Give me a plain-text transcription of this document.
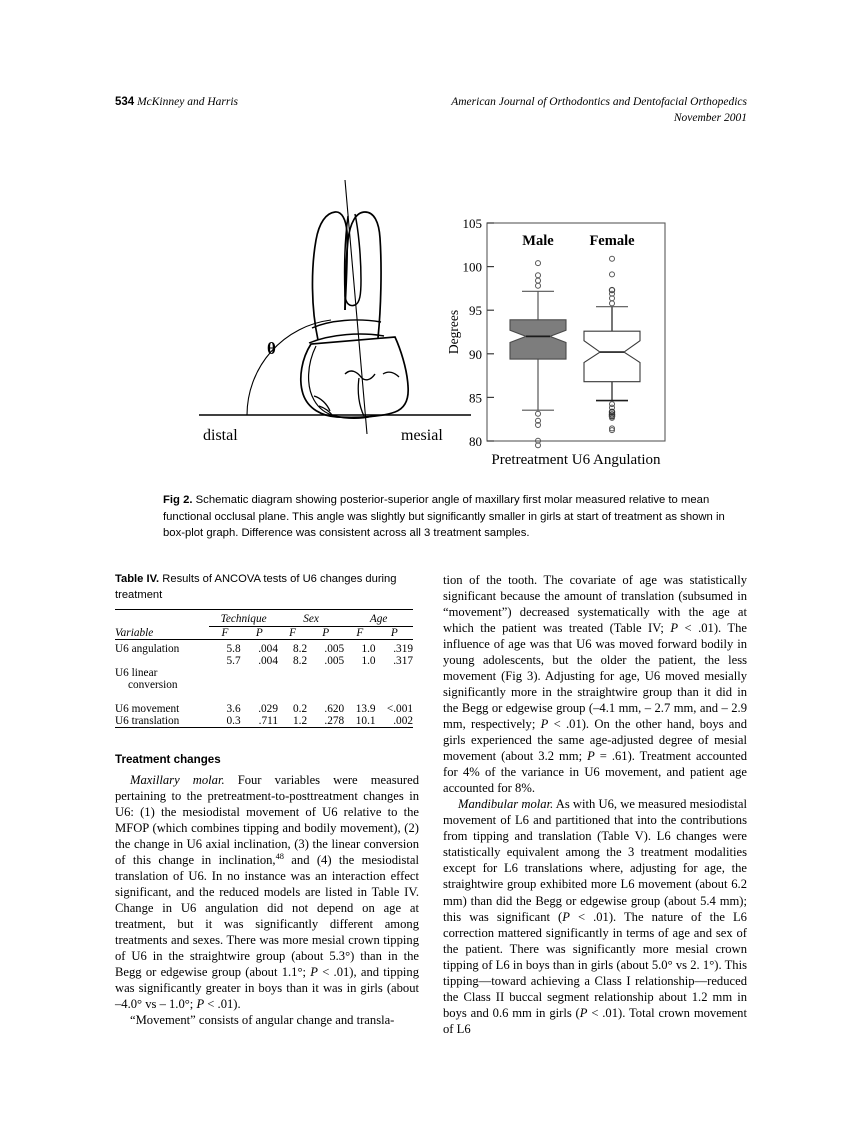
534 McKinney and Harris	American Journal of Orthodontics and Dentofacial Orthopedics
November 2001
θ
distal	mesial
105
100
95
90
85
80
Degrees
Male Female
Pretreatment U6 Angulation
Fig 2. Schematic diagram showing posterior-superior angle of maxillary first molar measured relative to mean functional occlusal plane. This angle was slightly but significantly smaller in girls at start of treatment as shown in box-plot graph. Difference was consistent across all 3 treatment samples.
Table IV. Results of ANCOVA tests of U6 changes during treatment

	Technique		Sex		Age	

Variable	F	P	F	P	F	P

U6 angulation	5.8	.004	8.2	.005	1.0	.319

U6 linear

conversion	5.7	.004	8.2	.005	1.0	.317
U6 movement	3.6	.029	0.2	.620	13.9	<.001
U6 translation	0.3	.711	1.2	.278	10.1	.002

Treatment changes

Maxillary molar. Four variables were measured pertaining to the pretreatment-to-posttreatment changes in U6: (1) the mesiodistal movement of U6 relative to the MFOP (which combines tipping and bodily movement), (2) the change in U6 axial inclination, (3) the linear conversion of this change in inclination,$^{48}$ and (4) the mesiodistal translation of U6. In no instance was an interaction effect significant, and the reduced models are listed in Table IV. Change in U6 angulation did not depend on age at treatment, but it was significantly different among treatments and sexes. There was more mesial crown tipping of U6 in the straightwire group (about 5.3°) than in the Begg or edgewise group (about 1.1°; P < .01), and tipping was significantly greater in boys than it was in girls (about –4.0° vs – 1.0°; P < .01).

“Movement” consists of angular change and transla-

tion of the tooth. The covariate of age was statistically significant because the amount of translation (subsumed in “movement”) decreased systematically with the age at which the patient was treated (Table IV; P < .01). The influence of age was that U6 was moved forward bodily in young adolescents, but the older the patient, the less movement (Fig 3). Adjusting for age, U6 moved mesially significantly more in the straightwire group than it did in the Begg or edgewise group (–4.1 mm, – 2.7 mm, and – 2.9 mm, respectively; P < .01). On the other hand, boys and girls experienced the same age-adjusted degree of mesial movement (about 3.2 mm; P = .61). Treatment accounted for 4% of the variance in U6 movement, and patient age accounted for 8%.

Mandibular molar. As with U6, we measured mesiodistal movement of L6 and partitioned that into the contributions from tipping and translation (Table V). L6 changes were statistically equivalent among the 3 treatment modalities except for L6 translations where, adjusting for age, the straightwire group exhibited more L6 movement (about 6.2 mm) than did the Begg or edgewise group (about 5.4 mm); this was significant (P < .01). The nature of the L6 correction mattered significantly in terms of age and sex of the patient. There was significantly more mesial crown tipping of L6 in boys than in girls (about 5.0° vs 2. 1°). This tipping—toward achieving a Class I relationship—reduced the Class II buccal segment relationship about 1.2 mm in boys and 0.6 mm in girls (P < .01). Total crown movement of L6
